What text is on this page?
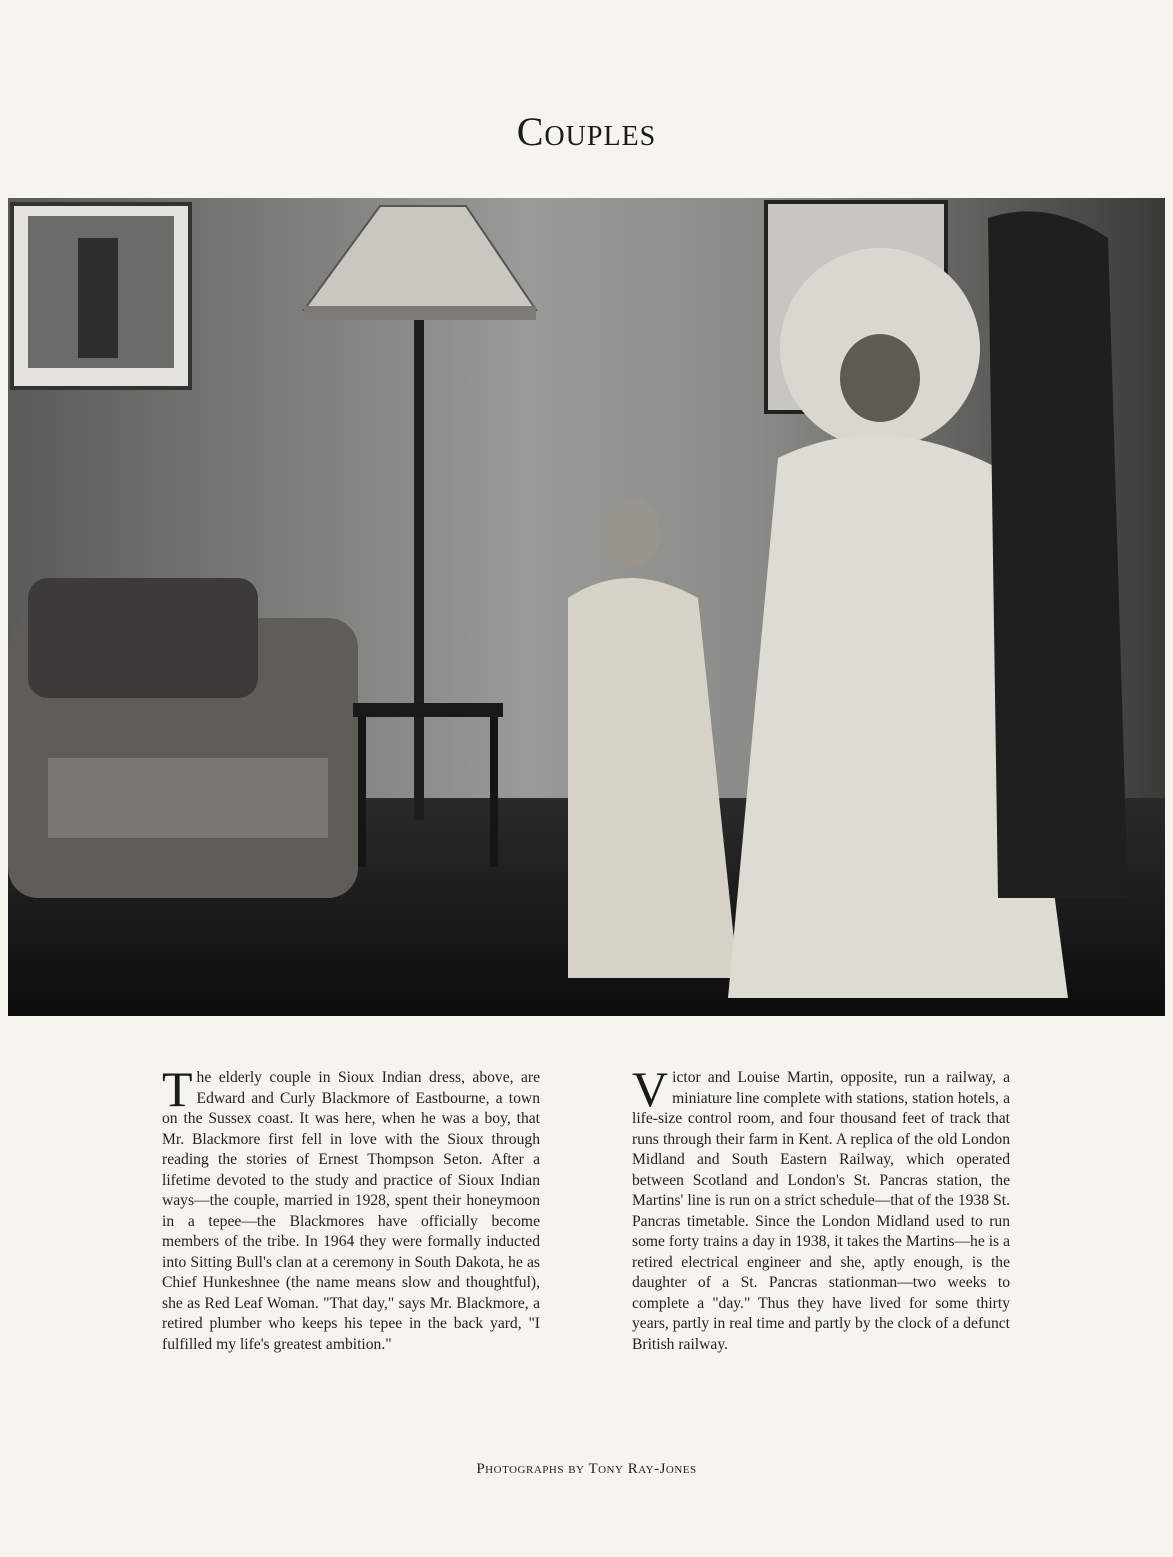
Couples
The elderly couple in Sioux Indian dress, above, are Edward and Curly Blackmore of Eastbourne, a town on the Sussex coast. It was here, when he was a boy, that Mr. Blackmore first fell in love with the Sioux through reading the stories of Ernest Thompson Seton. After a lifetime devoted to the study and practice of Sioux Indian ways—the couple, married in 1928, spent their honeymoon in a tepee—the Blackmores have officially become members of the tribe. In 1964 they were formally inducted into Sitting Bull's clan at a ceremony in South Dakota, he as Chief Hunkeshnee (the name means slow and thoughtful), she as Red Leaf Woman. "That day," says Mr. Blackmore, a retired plumber who keeps his tepee in the back yard, "I fulfilled my life's greatest ambition."
Victor and Louise Martin, opposite, run a railway, a miniature line complete with stations, station hotels, a life-size control room, and four thousand feet of track that runs through their farm in Kent. A replica of the old London Midland and South Eastern Railway, which operated between Scotland and London's St. Pancras station, the Martins' line is run on a strict schedule—that of the 1938 St. Pancras timetable. Since the London Midland used to run some forty trains a day in 1938, it takes the Martins—he is a retired electrical engineer and she, aptly enough, is the daughter of a St. Pancras stationman—two weeks to complete a "day." Thus they have lived for some thirty years, partly in real time and partly by the clock of a defunct British railway.
Photographs by Tony Ray-Jones
